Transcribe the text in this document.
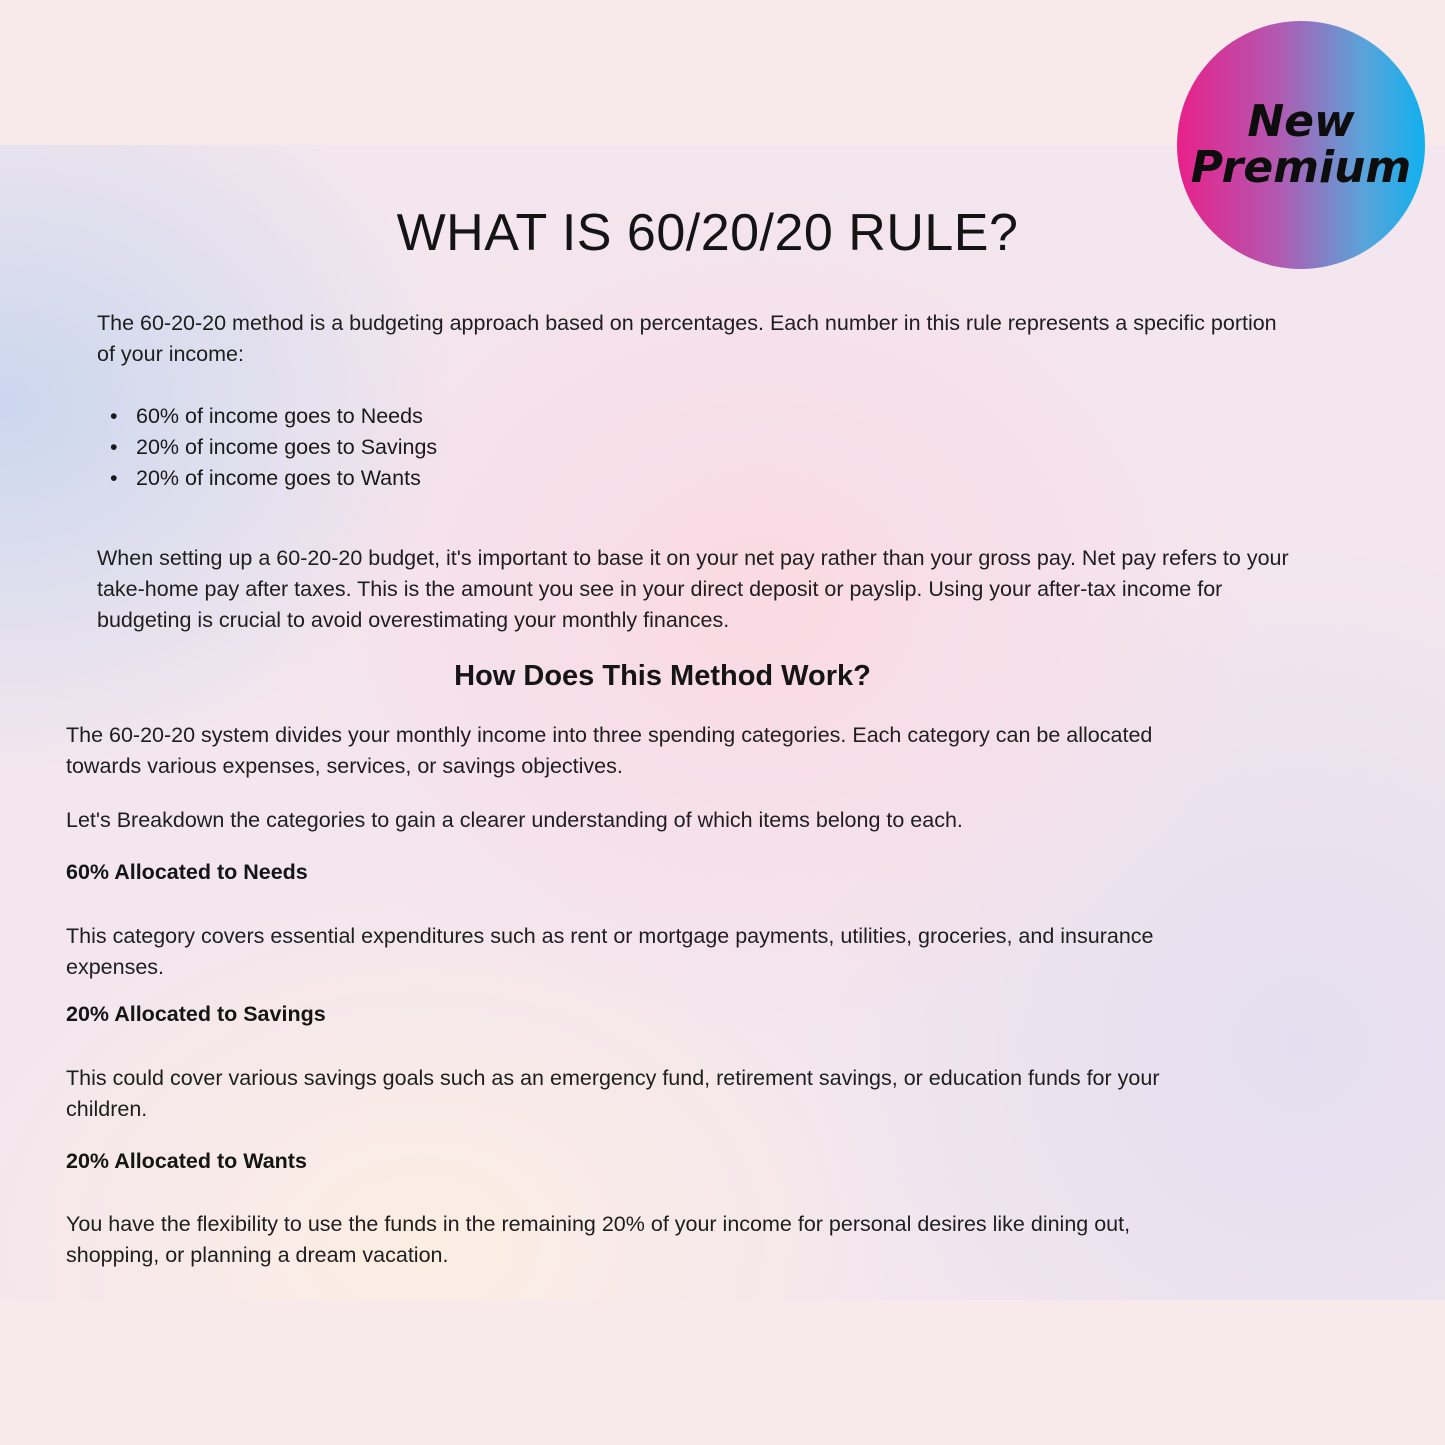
New
Premium
WHAT IS 60/20/20 RULE?

The 60-20-20 method is a budgeting approach based on percentages. Each number in this rule represents a specific portion of your income:

• 60% of income goes to Needs
• 20% of income goes to Savings
• 20% of income goes to Wants

When setting up a 60-20-20 budget, it's important to base it on your net pay rather than your gross pay. Net pay refers to your take-home pay after taxes. This is the amount you see in your direct deposit or payslip. Using your after-tax income for budgeting is crucial to avoid overestimating your monthly finances.

How Does This Method Work?

The 60-20-20 system divides your monthly income into three spending categories. Each category can be allocated towards various expenses, services, or savings objectives.

Let's Breakdown the categories to gain a clearer understanding of which items belong to each.

60% Allocated to Needs

This category covers essential expenditures such as rent or mortgage payments, utilities, groceries, and insurance expenses.

20% Allocated to Savings

This could cover various savings goals such as an emergency fund, retirement savings, or education funds for your children.

20% Allocated to Wants

You have the flexibility to use the funds in the remaining 20% of your income for personal desires like dining out, shopping, or planning a dream vacation.
